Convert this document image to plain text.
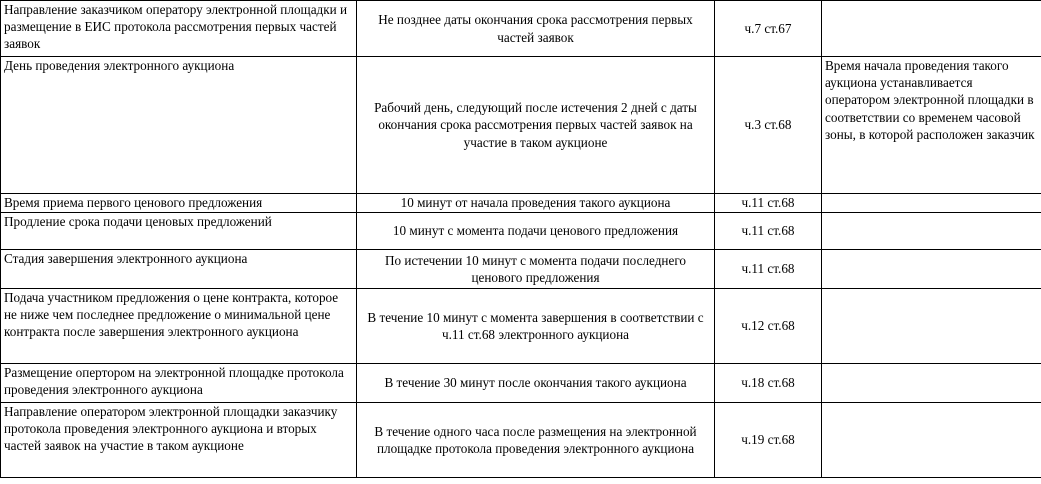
Направление заказчиком оператору электронной площадки и размещение в ЕИС протокола рассмотрения первых частей заявок	Не позднее даты окончания срока рассмотрения первых частей заявок	ч.7 ст.67	
День проведения электронного аукциона	Рабочий день, следующий после истечения 2 дней с даты окончания срока рассмотрения первых частей заявок на участие в таком аукционе	ч.3 ст.68	Время начала проведения такого аукциона устанавливается оператором электронной площадки в соответствии со временем часовой зоны, в которой расположен заказчик
Время приема первого ценового предложения	10 минут от начала проведения такого аукциона	ч.11 ст.68	
Продление срока подачи ценовых предложений	10 минут с момента подачи ценового предложения	ч.11 ст.68	
Стадия завершения электронного аукциона	По истечении 10 минут с момента подачи последнего ценового предложения	ч.11 ст.68	
Подача участником предложения о цене контракта, которое не ниже чем последнее предложение о минимальной цене контракта после завершения электронного аукциона	В течение 10 минут с момента завершения в соответствии с ч.11 ст.68 электронного аукциона	ч.12 ст.68	
Размещение опертором на электронной площадке протокола проведения электронного аукциона	В течение 30 минут после окончания такого аукциона	ч.18 ст.68	
Направление оператором электронной площадки заказчику протокола проведения электронного аукциона и вторых частей заявок на участие в таком аукционе	В течение одного часа после размещения на электронной площадке протокола проведения электронного аукциона	ч.19 ст.68	
